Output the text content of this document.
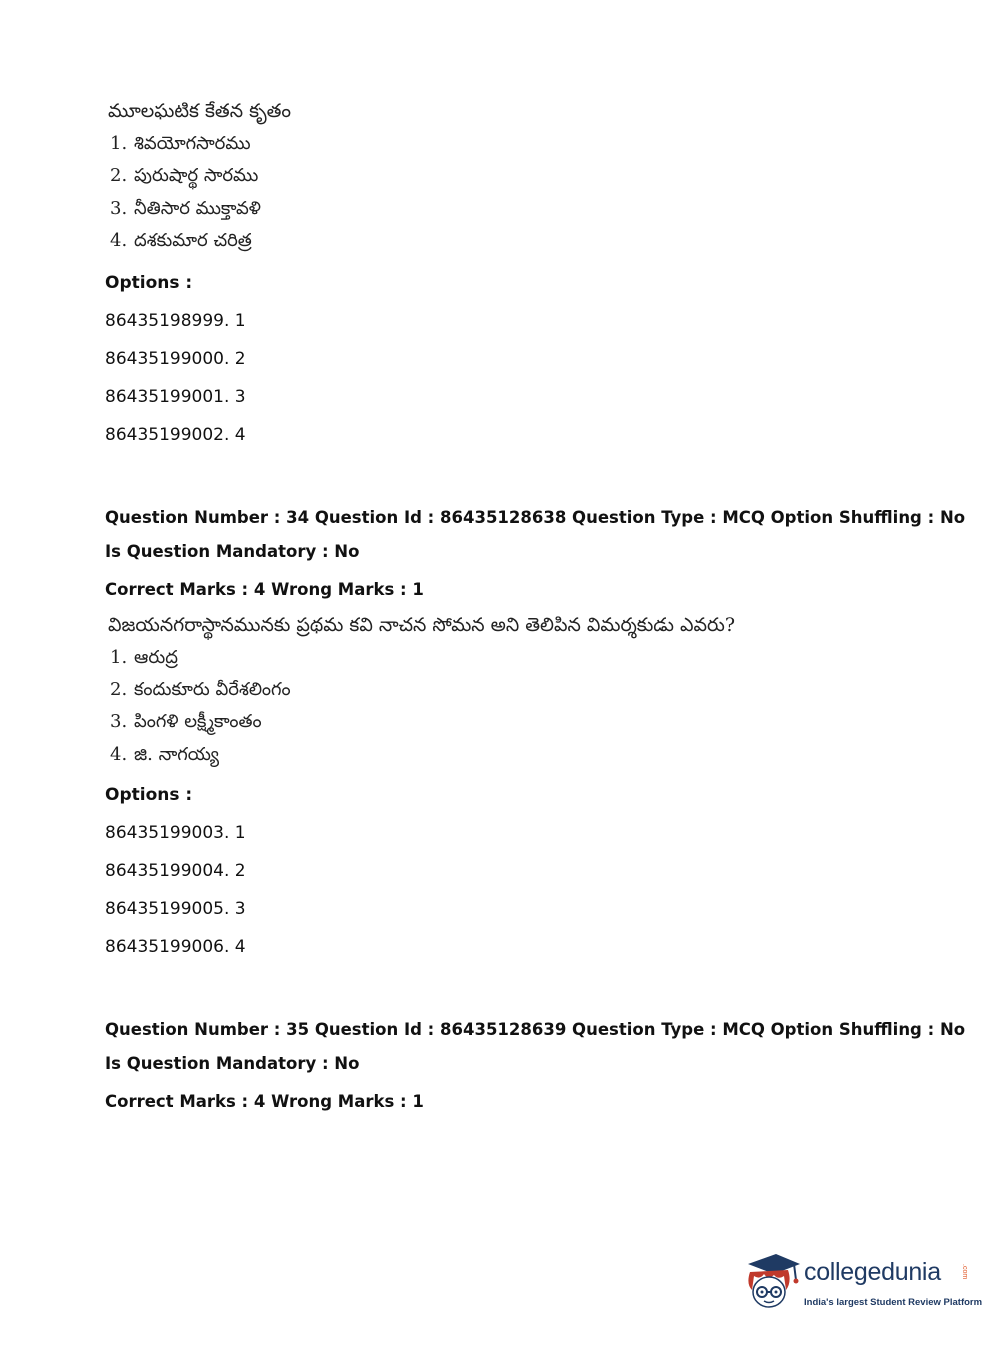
మూలఘటిక కేతన కృతం
1. శివయోగసారము
2. పురుషార్థ సారము
3. నీతిసార ముక్తావళి
4. దశకుమార చరిత్ర
Options :
86435198999. 1
86435199000. 2
86435199001. 3
86435199002. 4
Question Number : 34 Question Id : 86435128638 Question Type : MCQ Option Shuffling : No
Is Question Mandatory : No
Correct Marks : 4 Wrong Marks : 1
విజయనగరాస్థానమునకు ప్రథమ కవి నాచన సోమన అని తెలిపిన విమర్శకుడు ఎవరు?
1. ఆరుద్ర
2. కందుకూరు వీరేశలింగం
3. పింగళి లక్ష్మీకాంతం
4. జి. నాగయ్య
Options :
86435199003. 1
86435199004. 2
86435199005. 3
86435199006. 4
Question Number : 35 Question Id : 86435128639 Question Type : MCQ Option Shuffling : No
Is Question Mandatory : No
Correct Marks : 4 Wrong Marks : 1
collegedunia	.com
India's largest Student Review Platform
